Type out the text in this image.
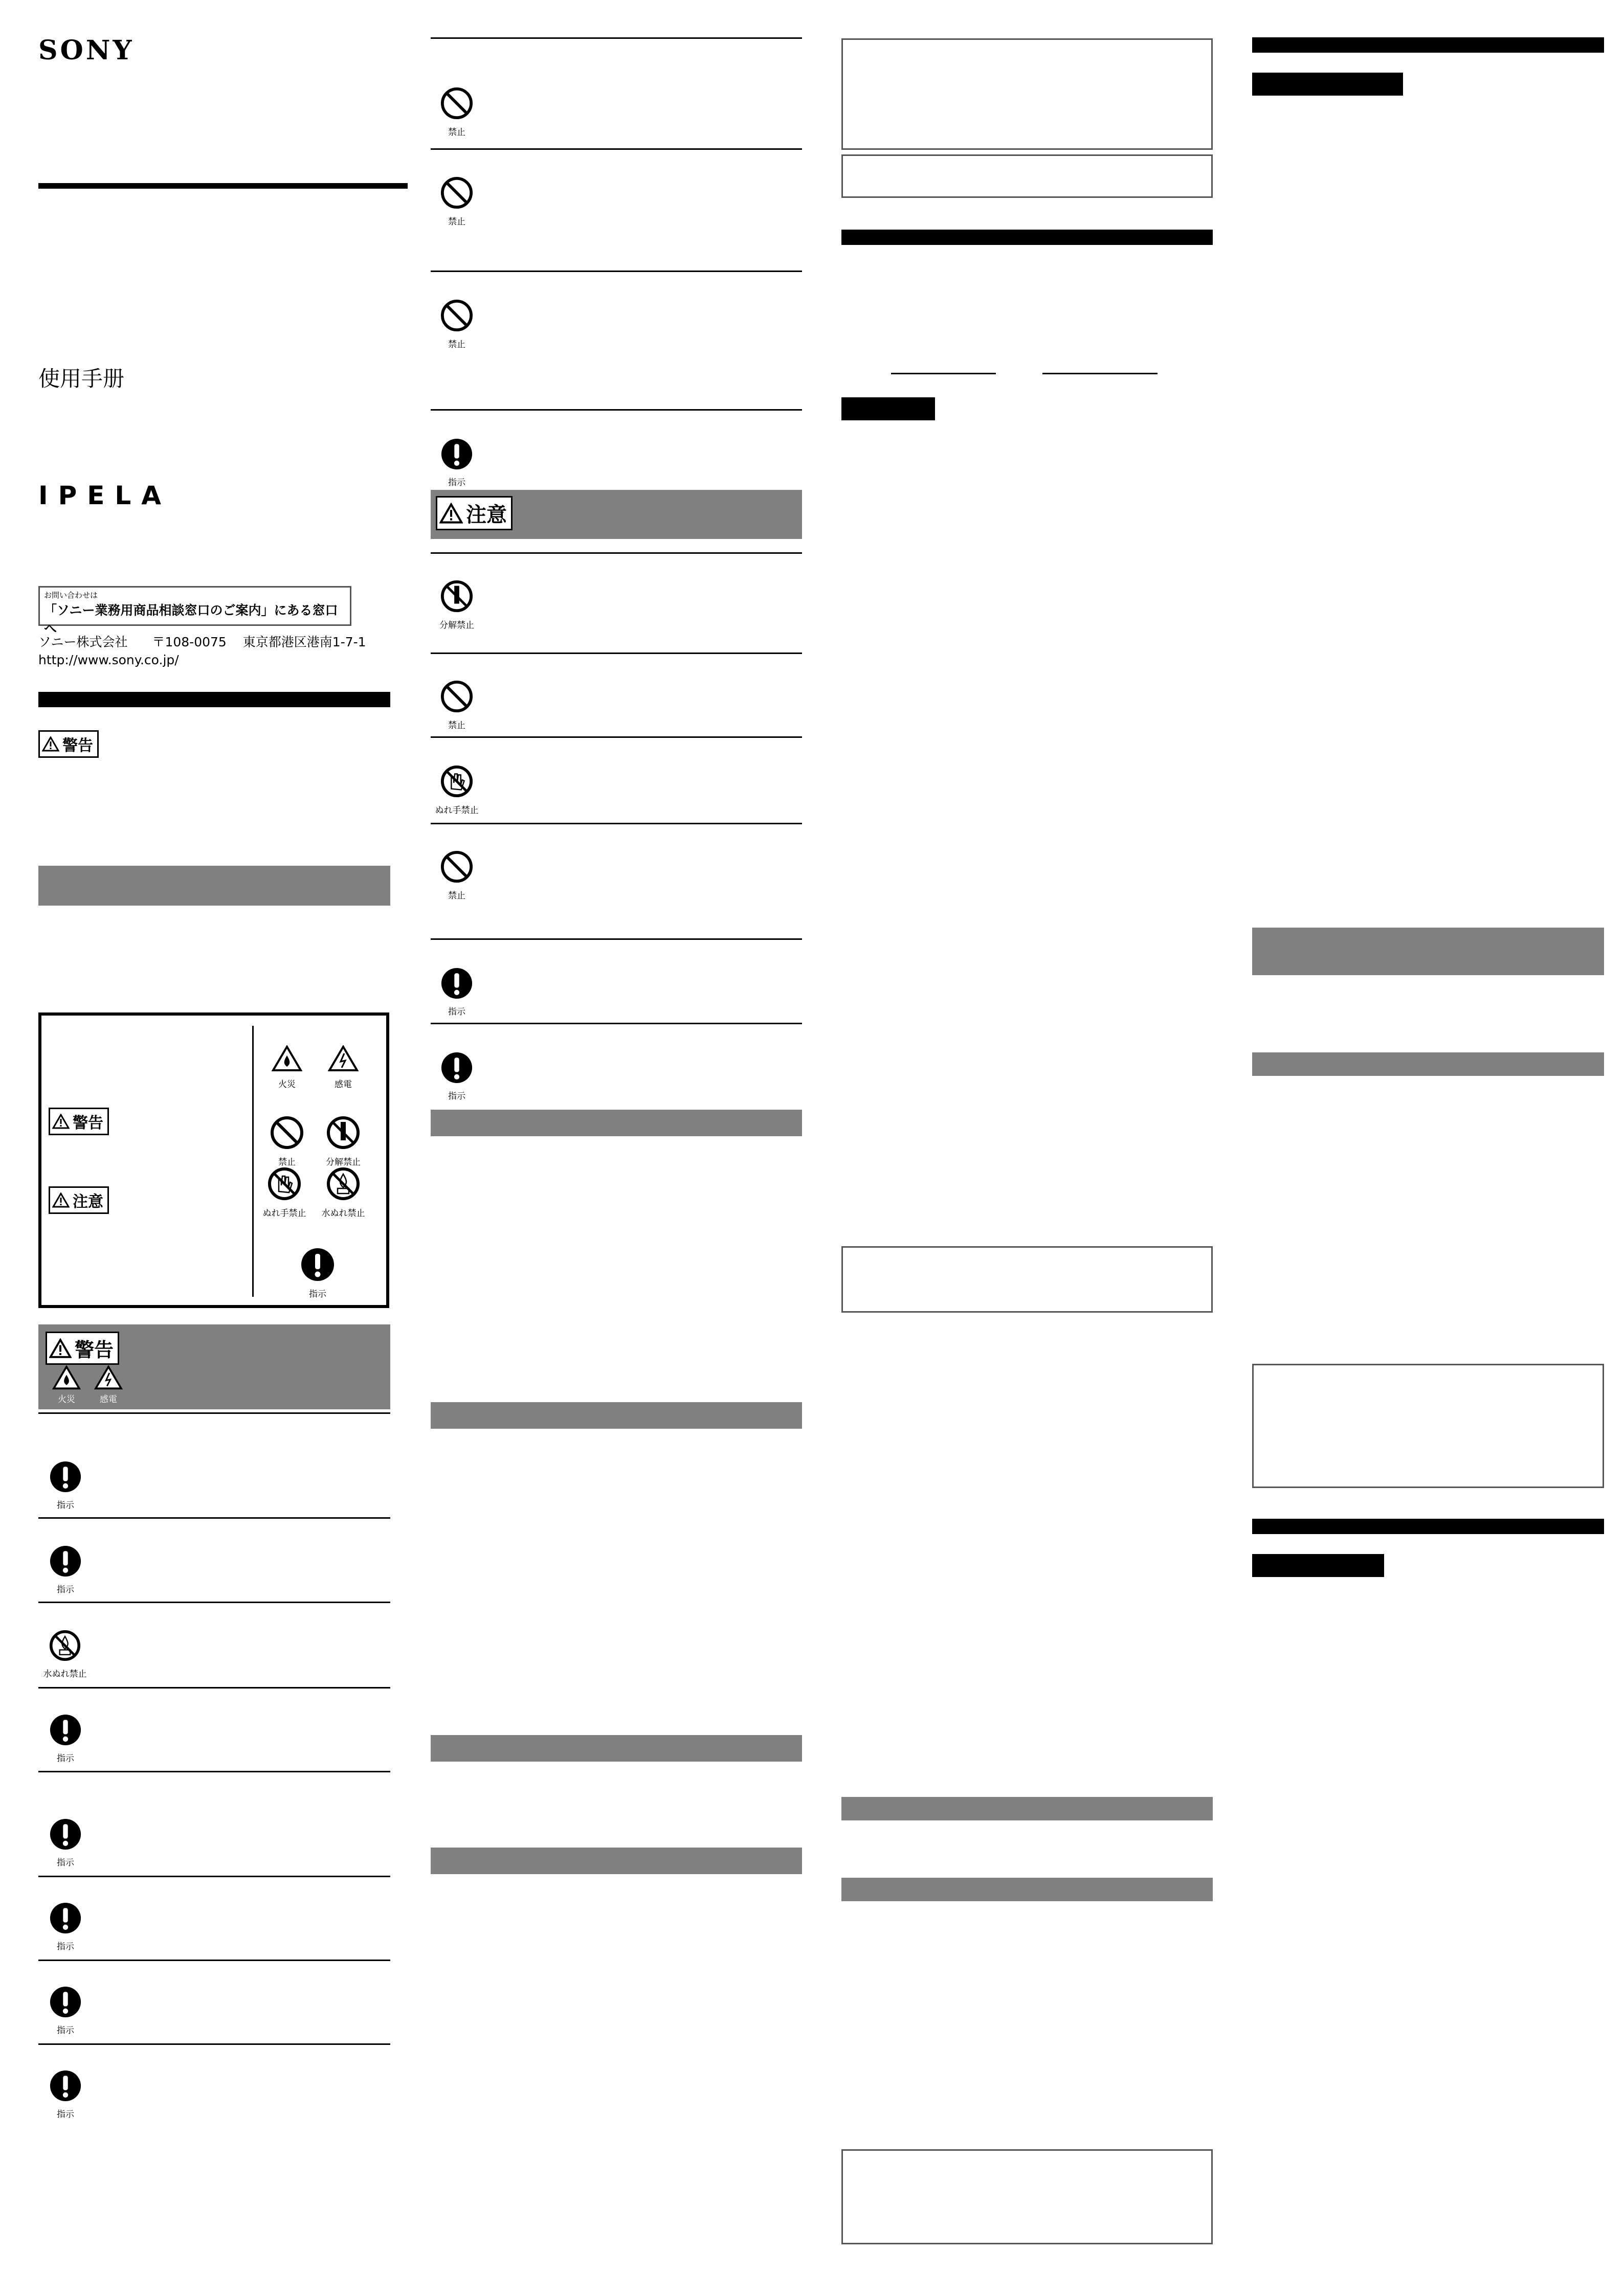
SONY
使用手册
IPELA
お問い合わせは
「ソニー業務用商品相談窓口のご案内」にある窓口へ
ソニー株式会社 〒108-0075 東京都港区港南1-7-1
http://www.sony.co.jp/
警告
警告
注意
火災	感電
禁止	分解禁止
ぬれ手禁止	水ぬれ禁止
指示
警告
火災	感電
指示
指示
水ぬれ禁止
指示
指示
指示
指示
指示
禁止
禁止
禁止
指示
注意
分解禁止
禁止
ぬれ手禁止
禁止
指示
指示
